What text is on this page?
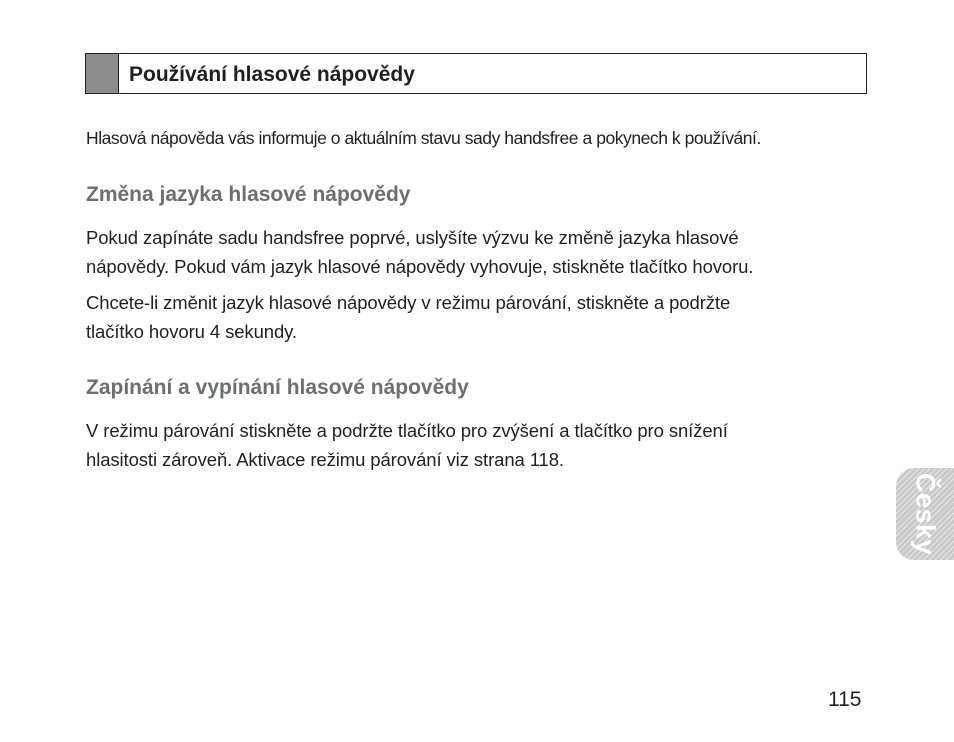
Používání hlasové nápovědy
Hlasová nápověda vás informuje o aktuálním stavu sady handsfree a pokynech k používání.
Změna jazyka hlasové nápovědy
Pokud zapínáte sadu handsfree poprvé, uslyšíte výzvu ke změně jazyka hlasové
nápovědy. Pokud vám jazyk hlasové nápovědy vyhovuje, stiskněte tlačítko hovoru.
Chcete-li změnit jazyk hlasové nápovědy v režimu párování, stiskněte a podržte
tlačítko hovoru 4 sekundy.
Zapínání a vypínání hlasové nápovědy
V režimu párování stiskněte a podržte tlačítko pro zvýšení a tlačítko pro snížení
hlasitosti zároveň. Aktivace režimu párování viz strana 118.
Česky
115
